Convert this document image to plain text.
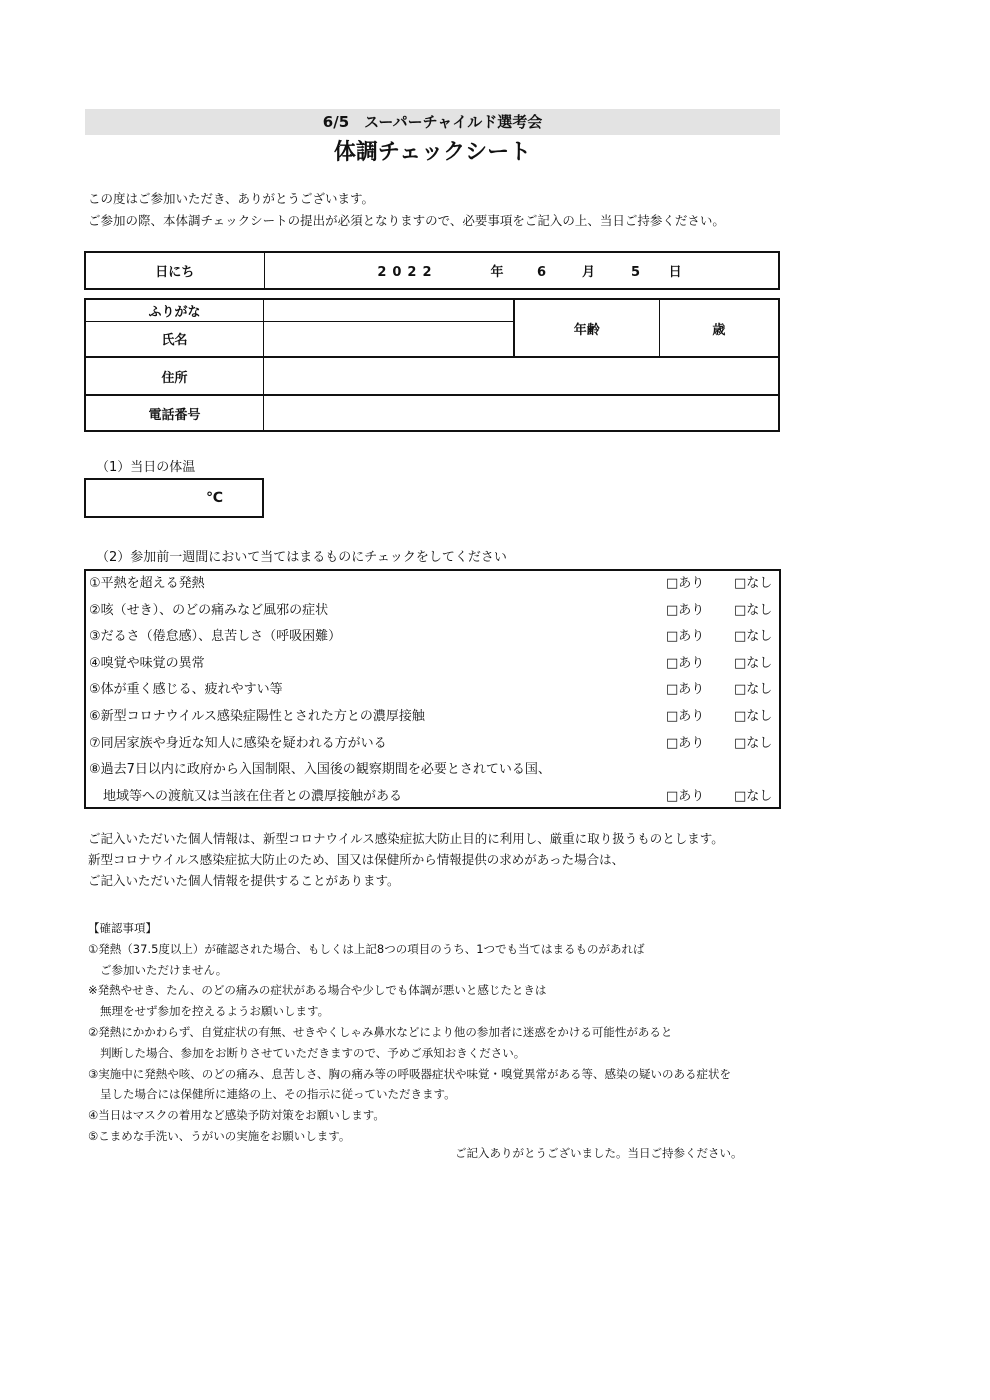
6/5　スーパーチャイルド選考会
体調チェックシート
この度はご参加いただき、ありがとうございます。
ご参加の際、本体調チェックシートの提出が必須となりますので、必要事項をご記入の上、当日ご持参ください。
日にち	2022	年	6	月	5 日
ふりがな		年齢	歳
氏名			
住所			
電話番号			
（1）当日の体温
℃
（2）参加前一週間において当てはまるものにチェックをしてください
①平熱を超える発熱	□あり □なし
②咳（せき）、のどの痛みなど風邪の症状	□あり □なし
③だるさ（倦怠感）、息苦しさ（呼吸困難）	□あり □なし
④嗅覚や味覚の異常	□あり □なし
⑤体が重く感じる、疲れやすい等	□あり □なし
⑥新型コロナウイルス感染症陽性とされた方との濃厚接触	□あり □なし
⑦同居家族や身近な知人に感染を疑われる方がいる	□あり □なし
⑧過去7日以内に政府から入国制限、入国後の観察期間を必要とされている国、
地域等への渡航又は当該在住者との濃厚接触がある	□あり □なし
ご記入いただいた個人情報は、新型コロナウイルス感染症拡大防止目的に利用し、厳重に取り扱うものとします。
新型コロナウイルス感染症拡大防止のため、国又は保健所から情報提供の求めがあった場合は、
ご記入いただいた個人情報を提供することがあります。
【確認事項】
①発熱（37.5度以上）が確認された場合、もしくは上記8つの項目のうち、1つでも当てはまるものがあれば
ご参加いただけません。
※発熱やせき、たん、のどの痛みの症状がある場合や少しでも体調が悪いと感じたときは
無理をせず参加を控えるようお願いします。
②発熱にかかわらず、自覚症状の有無、せきやくしゃみ鼻水などにより他の参加者に迷惑をかける可能性があると
判断した場合、参加をお断りさせていただきますので、予めご承知おきください。
③実施中に発熱や咳、のどの痛み、息苦しさ、胸の痛み等の呼吸器症状や味覚・嗅覚異常がある等、感染の疑いのある症状を
呈した場合には保健所に連絡の上、その指示に従っていただきます。
④当日はマスクの着用など感染予防対策をお願いします。
⑤こまめな手洗い、うがいの実施をお願いします。
ご記入ありがとうございました。当日ご持参ください。
